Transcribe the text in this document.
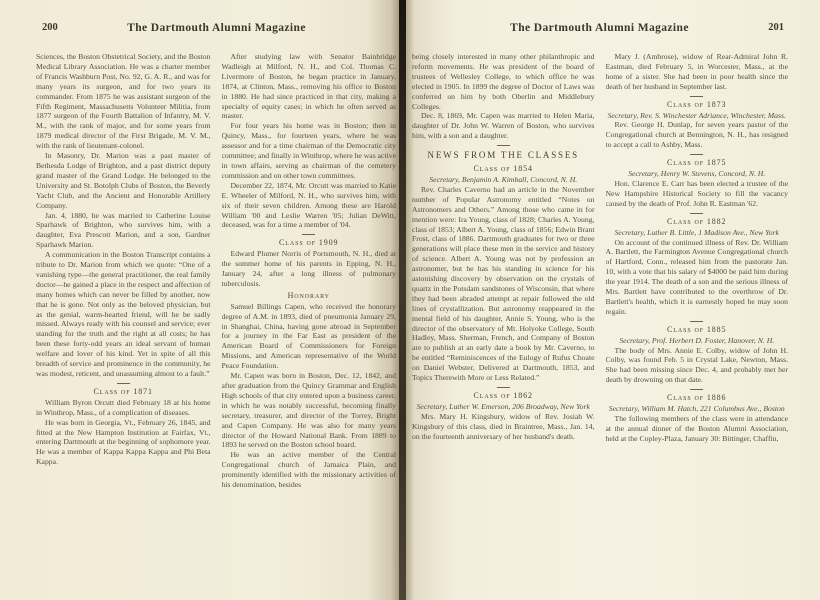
200	The Dartmouth Alumni Magazine
Sciences, the Boston Obstetrical Society, and the Boston Medical Library Association. He was a charter member of Francis Washburn Post, No. 92, G. A. R., and was for many years its surgeon, and for two years its commander. From 1875 he was assistant surgeon of the Fifth Regiment, Massachusetts Volunteer Militia, from 1877 surgeon of the Fourth Battalion of Infantry, M. V. M., with the rank of major, and for some years from 1879 medical director of the First Brigade, M. V. M., with the rank of lieutenant-colonel.
In Masonry, Dr. Marion was a past master of Bethesda Lodge of Brighton, and a past district deputy grand master of the Grand Lodge. He belonged to the University and St. Botolph Clubs of Boston, the Beverly Yacht Club, and the Ancient and Honorable Artillery Company.
Jan. 4, 1880, he was married to Catherine Louise Sparhawk of Brighton, who survives him, with a daughter, Eva Prescott Marion, and a son, Gardner Sparhawk Marion.
A communication in the Boston Transcript contains a tribute to Dr. Marion from which we quote: “One of a vanishing type—the general practitioner, the real family doctor—he gained a place in the respect and affection of many homes which can never be filled by another, now that he is gone. Not only as the beloved physician, but as the genial, warm-hearted friend, will he be sadly missed. Always ready with his counsel and service; ever standing for the truth and the right at all costs; he has been these forty-odd years an ideal servant of human welfare and lover of his kind. Yet in spite of all this breadth of service and prominence in the community, he was modest, reticent, and unassuming almost to a fault.”
Class of 1871
William Byron Orcutt died February 18 at his home in Winthrop, Mass., of a complication of diseases.
He was born in Georgia, Vt., February 26, 1845, and fitted at the New Hampton Institution at Fairfax, Vt., entering Dartmouth at the beginning of sophomore year. He was a member of Kappa Kappa Kappa and Phi Beta Kappa.
After studying law with Senator Bainbridge Wadleigh at Milford, N. H., and Col. Thomas C. Livermore of Boston, he began practice in January, 1874, at Clinton, Mass., removing his office to Boston in 1880. He had since practiced in that city, making a specialty of equity cases; in which he often served as master.
For four years his home was in Boston; then in Quincy, Mass., for fourteen years, where he was assessor and for a time chairman of the Democratic city committee; and finally in Winthrop, where he was active in town affairs, serving as chairman of the cemetery commission and on other town committees.
December 22, 1874, Mr. Orcutt was married to Katie E. Wheeler of Milford, N. H., who survives him, with six of their seven children. Among these are Harold William '00 and Leslie Warren '05; Julian DeWitt, deceased, was for a time a member of '04.
Class of 1909
Edward Plumer Norris of Portsmouth, N. H., died at the summer home of his parents in Epping, N. H., January 24, after a long illness of pulmonary tuberculosis.
Honorary
Samuel Billings Capen, who received the honorary degree of A.M. in 1893, died of pneumonia January 29, in Shanghai, China, having gone abroad in September for a journey in the Far East as president of the American Board of Commissioners for Foreign Missions, and American representative of the World Peace Foundation.
Mr. Capen was born in Boston, Dec. 12, 1842, and after graduation from the Quincy Grammar and English High schools of that city entered upon a business career, in which he was notably successful, becoming finally secretary, treasurer, and director of the Torrey, Bright and Capen Company. He was also for many years director of the Howard National Bank. From 1889 to 1893 he served on the Boston school board.
He was an active member of the Central Congregational church of Jamaica Plain, and prominently identified with the missionary activities of his denomination, besides
The Dartmouth Alumni Magazine	201
being closely interested in many other philanthropic and reform movements. He was president of the board of trustees of Wellesley College, to which office he was elected in 1905. In 1899 the degree of Doctor of Laws was conferred on him by both Oberlin and Middlebury Colleges.
Dec. 8, 1869, Mr. Capen was married to Helen Maria, daughter of Dr. John W. Warren of Boston, who survives him, with a son and a daughter.
NEWS FROM THE CLASSES
Class of 1854
Secretary, Benjamin A. Kimball, Concord, N. H.
Rev. Charles Caverno had an article in the November number of Popular Astronomy entitled “Notes on Astronomers and Others.” Among those who came in for mention were: Ira Young, class of 1828; Charles A. Young, class of 1853; Albert A. Young, class of 1856; Edwin Brant Frost, class of 1886. Dartmouth graduates for two or three generations will place these men in the service and history of science. Albert A. Young was not by profession an astronomer, but he has his standing in science for his astonishing discovery by observation on the crystals of quartz in the Potsdam sandstones of Wisconsin, that where they had been abraded attempt at repair followed the old lines of crystallization. But astronomy reappeared in the mental field of his daughter, Annie S. Young, who is the director of the observatory of Mt. Holyoke College, South Hadley, Mass. Sherman, French, and Company of Boston are to publish at an early date a book by Mr. Caverno, to be entitled “Reminiscences of the Eulogy of Rufus Choate on Daniel Webster, Delivered at Dartmouth, 1853, and Topics Therewith More or Less Related.”
Class of 1862
Secretary, Luther W. Emerson, 206 Broadway, New York
Mrs. Mary H. Kingsbury, widow of Rev. Josiah W. Kingsbury of this class, died in Braintree, Mass., Jan. 14, on the fourteenth anniversary of her husband's death.
Mary J. (Ambrose), widow of Rear-Admiral John R. Eastman, died February 5, in Worcester, Mass., at the home of a sister. She had been in poor health since the death of her husband in September last.
Class of 1873
Secretary, Rev. S. Winchester Adriance, Winchester, Mass.
Rev. George H. Dunlap, for seven years pastor of the Congregational church at Bennington, N. H., has resigned to accept a call to Ashby, Mass.
Class of 1875
Secretary, Henry W. Stevens, Concord, N. H.
Hon. Clarence E. Carr has been elected a trustee of the New Hampshire Historical Society to fill the vacancy caused by the death of Prof. John R. Eastman '62.
Class of 1882
Secretary, Luther B. Little, 1 Madison Ave., New York
On account of the continued illness of Rev. Dr. William A. Bartlett, the Farmington Avenue Congregational church of Hartford, Conn., released him from the pastorate Jan. 10, with a vote that his salary of $4000 be paid him during the year 1914. The death of a son and the serious illness of Mrs. Bartlett have contributed to the overthrow of Dr. Bartlett's health, which it is earnestly hoped he may soon regain.
Class of 1885
Secretary, Prof. Herbert D. Foster, Hanover, N. H.
The body of Mrs. Annie E. Colby, widow of John H. Colby, was found Feb. 5 in Crystal Lake, Newton, Mass. She had been missing since Dec. 4, and probably met her death by drowning on that date.
Class of 1886
Secretary, William M. Hatch, 221 Columbus Ave., Boston
The following members of the class were in attendance at the annual dinner of the Boston Alumni Association, held at the Copley-Plaza, January 30: Bittinger, Chaffin,
